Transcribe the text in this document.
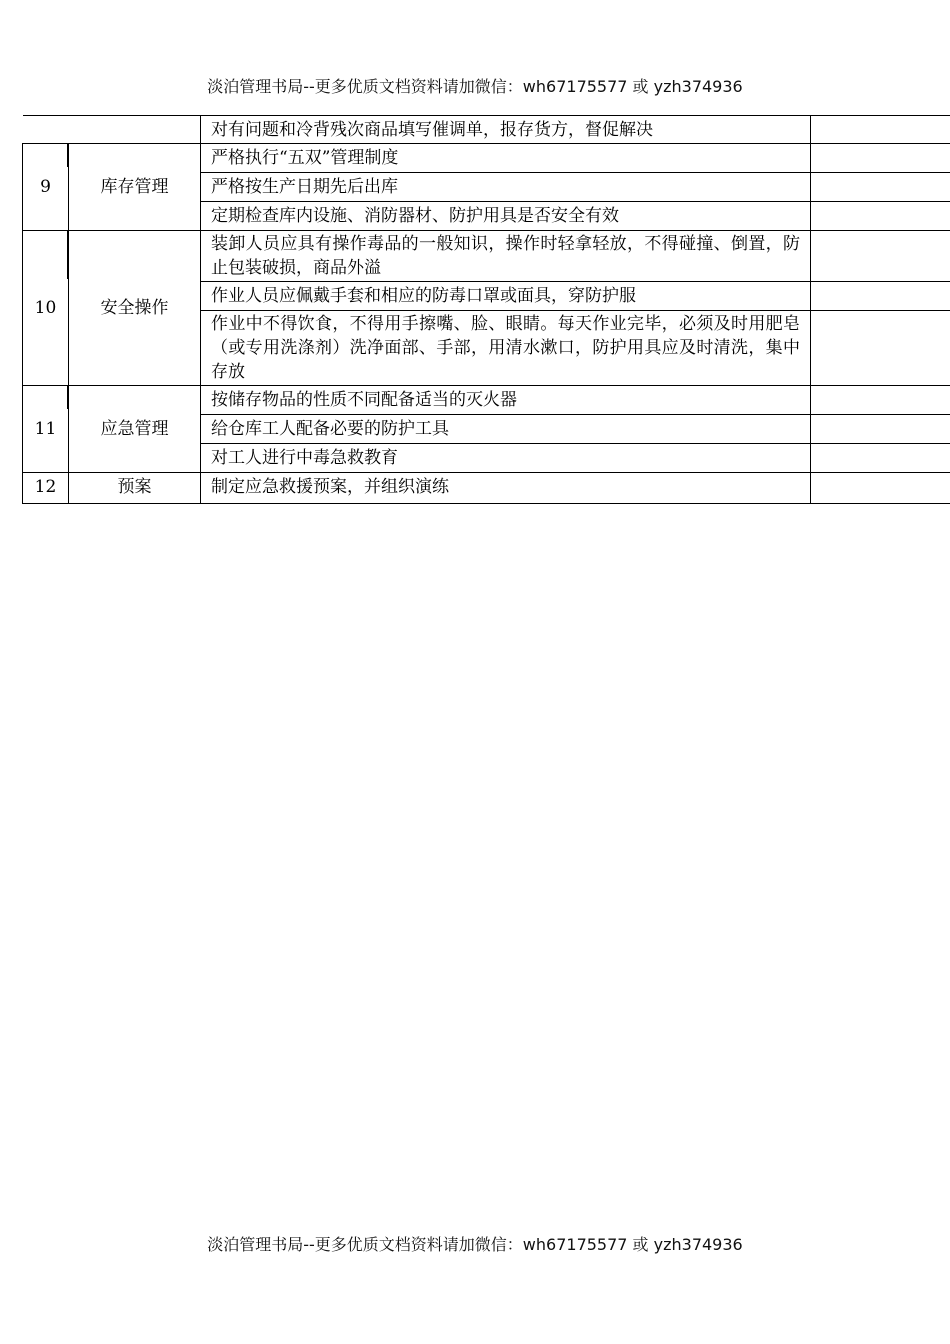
淡泊管理书局--更多优质文档资料请加微信：wh67175577 或 yzh374936
		对有问题和冷背残次商品填写催调单，报存货方，督促解决	

9	库存管理	严格执行“五双”管理制度	
		严格按生产日期先后出库	
		定期检查库内设施、消防器材、防护用具是否安全有效	

10	安全操作	装卸人员应具有操作毒品的一般知识，操作时轻拿轻放，不得碰撞、倒置，防止包装破损，商品外溢	
		作业人员应佩戴手套和相应的防毒口罩或面具，穿防护服	
		作业中不得饮食，不得用手擦嘴、脸、眼睛。每天作业完毕，必须及时用肥皂（或专用洗涤剂）洗净面部、手部，用清水漱口，防护用具应及时清洗，集中存放	

11	应急管理	按储存物品的性质不同配备适当的灭火器	
		给仓库工人配备必要的防护工具	
		对工人进行中毒急救教育	
12	预案	制定应急救援预案，并组织演练	
淡泊管理书局--更多优质文档资料请加微信：wh67175577 或 yzh374936
